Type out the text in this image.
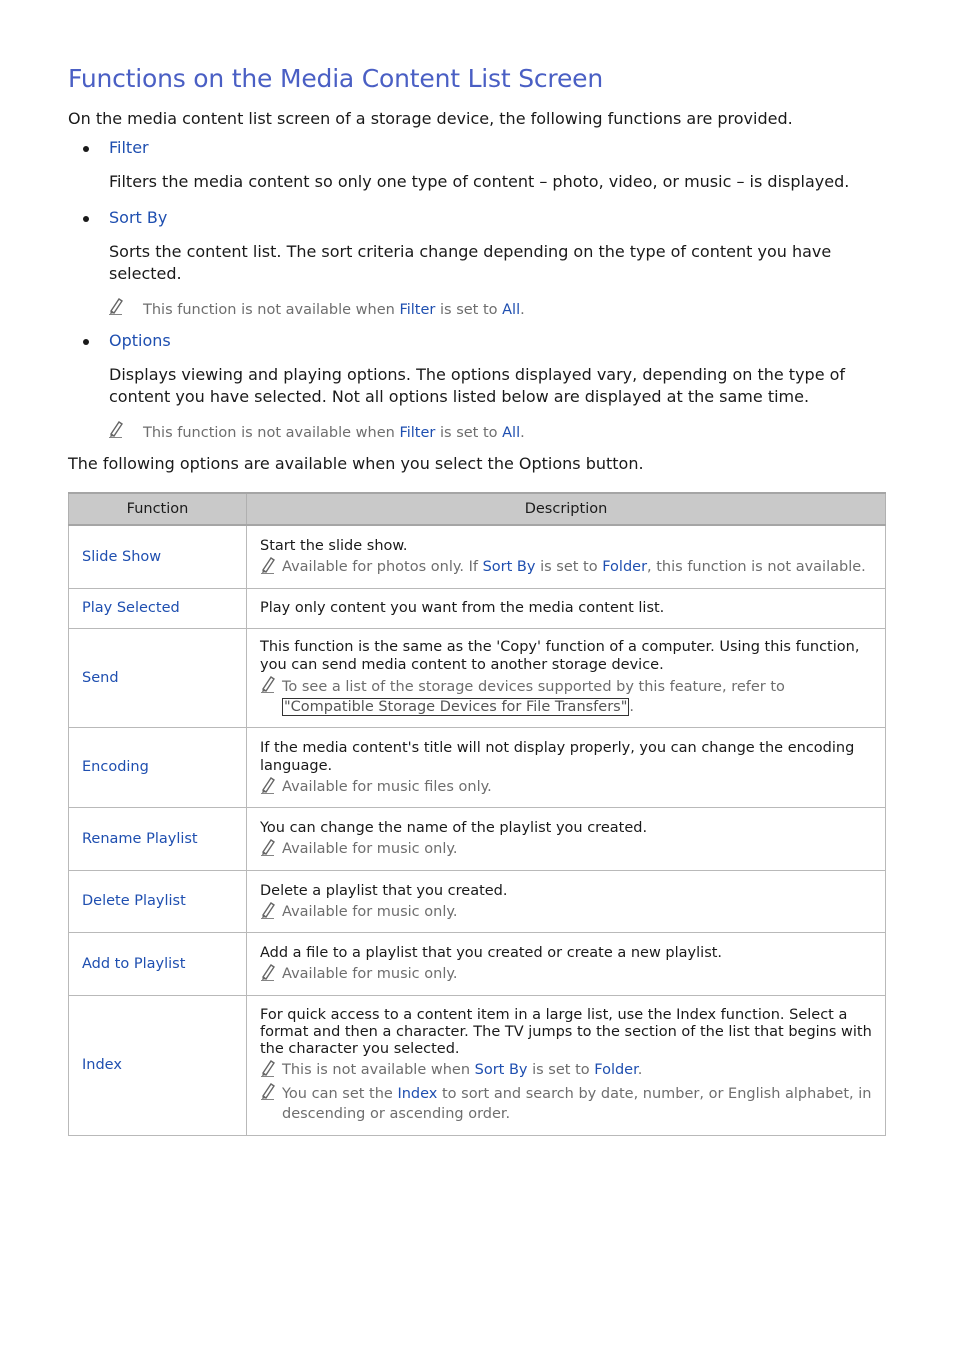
Functions on the Media Content List Screen
On the media content list screen of a storage device, the following functions are provided.
Filter
Filters the media content so only one type of content – photo, video, or music – is displayed.
Sort By
Sorts the content list. The sort criteria change depending on the type of content you have selected.
This function is not available when Filter is set to All.
Options
Displays viewing and playing options. The options displayed vary, depending on the type of content you have selected. Not all options listed below are displayed at the same time.
This function is not available when Filter is set to All.
The following options are available when you select the Options button.
Function	Description
Slide Show	Start the slide show.
Available for photos only. If Sort By is set to Folder, this function is not available.

Play Selected	Play only content you want from the media content list.

Send	This function is the same as the 'Copy' function of a computer. Using this function, you can send media content to another storage device.
To see a list of the storage devices supported by this feature, refer to "Compatible Storage Devices for File Transfers" .

Encoding	If the media content's title will not display properly, you can change the encoding language.
Available for music files only.

Rename Playlist	You can change the name of the playlist you created.
Available for music only.

Delete Playlist	Delete a playlist that you created.
Available for music only.

Add to Playlist	Add a file to a playlist that you created or create a new playlist.
Available for music only.

Index	For quick access to a content item in a large list, use the Index function. Select a format and then a character. The TV jumps to the section of the list that begins with the character you selected.
This is not available when Sort By is set to Folder.
You can set the Index to sort and search by date, number, or English alphabet, in descending or ascending order.
